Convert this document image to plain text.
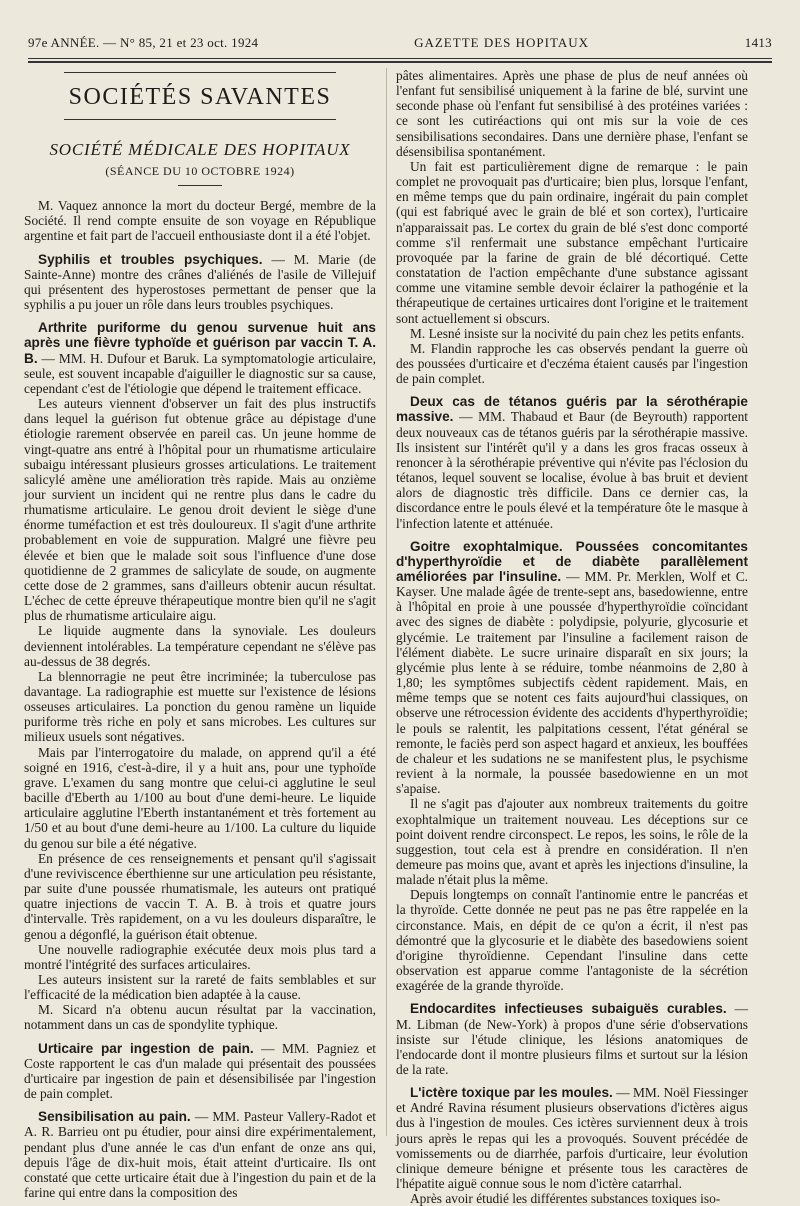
97e ANNÉE. — N° 85, 21 et 23 oct. 1924	GAZETTE DES HOPITAUX	1413
SOCIÉTÉS SAVANTES
SOCIÉTÉ MÉDICALE DES HOPITAUX
(SÉANCE DU 10 OCTOBRE 1924)

M. Vaquez annonce la mort du docteur Bergé, membre de la Société. Il rend compte ensuite de son voyage en République argentine et fait part de l'accueil enthousiaste dont il a été l'objet.

Syphilis et troubles psychiques. — M. Marie (de Sainte-Anne) montre des crânes d'aliénés de l'asile de Villejuif qui présentent des hyperostoses permettant de penser que la syphilis a pu jouer un rôle dans leurs troubles psychiques.

Arthrite puriforme du genou survenue huit ans après une fièvre typhoïde et guérison par vaccin T. A. B. — MM. H. Dufour et Baruk. La symptomatologie articulaire, seule, est souvent incapable d'aiguiller le diagnostic sur sa cause, cependant c'est de l'étiologie que dépend le traitement efficace.

Les auteurs viennent d'observer un fait des plus instructifs dans lequel la guérison fut obtenue grâce au dépistage d'une étiologie rarement observée en pareil cas. Un jeune homme de vingt-quatre ans entré à l'hôpital pour un rhumatisme articulaire subaigu intéressant plusieurs grosses articulations. Le traitement salicylé amène une amélioration très rapide. Mais au onzième jour survient un incident qui ne rentre plus dans le cadre du rhumatisme articulaire. Le genou droit devient le siège d'une énorme tuméfaction et est très douloureux. Il s'agit d'une arthrite probablement en voie de suppuration. Malgré une fièvre peu élevée et bien que le malade soit sous l'influence d'une dose quotidienne de 2 grammes de salicylate de soude, on augmente cette dose de 2 grammes, sans d'ailleurs obtenir aucun résultat. L'échec de cette épreuve thérapeutique montre bien qu'il ne s'agit plus de rhumatisme articulaire aigu.

Le liquide augmente dans la synoviale. Les douleurs deviennent intolérables. La température cependant ne s'élève pas au-dessus de 38 degrés.

La blennorragie ne peut être incriminée; la tuberculose pas davantage. La radiographie est muette sur l'existence de lésions osseuses articulaires. La ponction du genou ramène un liquide puriforme très riche en poly et sans microbes. Les cultures sur milieux usuels sont négatives.

Mais par l'interrogatoire du malade, on apprend qu'il a été soigné en 1916, c'est-à-dire, il y a huit ans, pour une typhoïde grave. L'examen du sang montre que celui-ci agglutine le seul bacille d'Eberth au 1/100 au bout d'une demi-heure. Le liquide articulaire agglutine l'Eberth instantanément et très fortement au 1/50 et au bout d'une demi-heure au 1/100. La culture du liquide du genou sur bile a été négative.

En présence de ces renseignements et pensant qu'il s'agissait d'une reviviscence éberthienne sur une articulation peu résistante, par suite d'une poussée rhumatismale, les auteurs ont pratiqué quatre injections de vaccin T. A. B. à trois et quatre jours d'intervalle. Très rapidement, on a vu les douleurs disparaître, le genou a dégonflé, la guérison était obtenue.

Une nouvelle radiographie exécutée deux mois plus tard a montré l'intégrité des surfaces articulaires.

Les auteurs insistent sur la rareté de faits semblables et sur l'efficacité de la médication bien adaptée à la cause.

M. Sicard n'a obtenu aucun résultat par la vaccination, notamment dans un cas de spondylite typhique.

Urticaire par ingestion de pain. — MM. Pagniez et Coste rapportent le cas d'un malade qui présentait des poussées d'urticaire par ingestion de pain et désensibilisée par l'ingestion de pain complet.

Sensibilisation au pain. — MM. Pasteur Vallery-Radot et A. R. Barrieu ont pu étudier, pour ainsi dire expérimentalement, pendant plus d'une année le cas d'un enfant de onze ans qui, depuis l'âge de dix-huit mois, était atteint d'urticaire. Ils ont constaté que cette urticaire était due à l'ingestion du pain et de la farine qui entre dans la composition des

pâtes alimentaires. Après une phase de plus de neuf années où l'enfant fut sensibilisé uniquement à la farine de blé, survint une seconde phase où l'enfant fut sensibilisé à des protéines variées : ce sont les cutiréactions qui ont mis sur la voie de ces sensibilisations secondaires. Dans une dernière phase, l'enfant se désensibilisa spontanément.

Un fait est particulièrement digne de remarque : le pain complet ne provoquait pas d'urticaire; bien plus, lorsque l'enfant, en même temps que du pain ordinaire, ingérait du pain complet (qui est fabriqué avec le grain de blé et son cortex), l'urticaire n'apparaissait pas. Le cortex du grain de blé s'est donc comporté comme s'il renfermait une substance empêchant l'urticaire provoquée par la farine de grain de blé décortiqué. Cette constatation de l'action empêchante d'une substance agissant comme une vitamine semble devoir éclairer la pathogénie et la thérapeutique de certaines urticaires dont l'origine et le traitement sont actuellement si obscurs.

M. Lesné insiste sur la nocivité du pain chez les petits enfants.

M. Flandin rapproche les cas observés pendant la guerre où des poussées d'urticaire et d'eczéma étaient causés par l'ingestion de pain complet.

Deux cas de tétanos guéris par la sérothérapie massive. — MM. Thabaud et Baur (de Beyrouth) rapportent deux nouveaux cas de tétanos guéris par la sérothérapie massive. Ils insistent sur l'intérêt qu'il y a dans les gros fracas osseux à renoncer à la sérothérapie préventive qui n'évite pas l'éclosion du tétanos, lequel souvent se localise, évolue à bas bruit et devient alors de diagnostic très difficile. Dans ce dernier cas, la discordance entre le pouls élevé et la température ôte le masque à l'infection latente et atténuée.

Goitre exophtalmique. Poussées concomitantes d'hyperthyroïdie et de diabète parallèlement améliorées par l'insuline. — MM. Pr. Merklen, Wolf et C. Kayser. Une malade âgée de trente-sept ans, basedowienne, entre à l'hôpital en proie à une poussée d'hyperthyroïdie coïncidant avec des signes de diabète : polydipsie, polyurie, glycosurie et glycémie. Le traitement par l'insuline a facilement raison de l'élément diabète. Le sucre urinaire disparaît en six jours; la glycémie plus lente à se réduire, tombe néanmoins de 2,80 à 1,80; les symptômes subjectifs cèdent rapidement. Mais, en même temps que se notent ces faits aujourd'hui classiques, on observe une rétrocession évidente des accidents d'hyperthyroïdie; le pouls se ralentit, les palpitations cessent, l'état général se remonte, le faciès perd son aspect hagard et anxieux, les bouffées de chaleur et les sudations ne se manifestent plus, le psychisme revient à la normale, la poussée basedowienne en un mot s'apaise.

Il ne s'agit pas d'ajouter aux nombreux traitements du goitre exophtalmique un traitement nouveau. Les déceptions sur ce point doivent rendre circonspect. Le repos, les soins, le rôle de la suggestion, tout cela est à prendre en considération. Il n'en demeure pas moins que, avant et après les injections d'insuline, la malade n'était plus la même.

Depuis longtemps on connaît l'antinomie entre le pancréas et la thyroïde. Cette donnée ne peut pas ne pas être rappelée en la circonstance. Mais, en dépit de ce qu'on a écrit, il n'est pas démontré que la glycosurie et le diabète des basedowiens soient d'origine thyroïdienne. Cependant l'insuline dans cette observation est apparue comme l'antagoniste de la sécrétion exagérée de la grande thyroïde.

Endocardites infectieuses subaiguës curables. — M. Libman (de New-York) à propos d'une série d'observations insiste sur l'étude clinique, les lésions anatomiques de l'endocarde dont il montre plusieurs films et surtout sur la lésion de la rate.

L'ictère toxique par les moules. — MM. Noël Fiessinger et André Ravina résument plusieurs observations d'ictères aigus dus à l'ingestion de moules. Ces ictères surviennent deux à trois jours après le repas qui les a provoqués. Souvent précédée de vomissements ou de diarrhée, parfois d'urticaire, leur évolution clinique demeure bénigne et présente tous les caractères de l'hépatite aiguë connue sous le nom d'ictère catarrhal.

Après avoir étudié les différentes substances toxiques iso-
